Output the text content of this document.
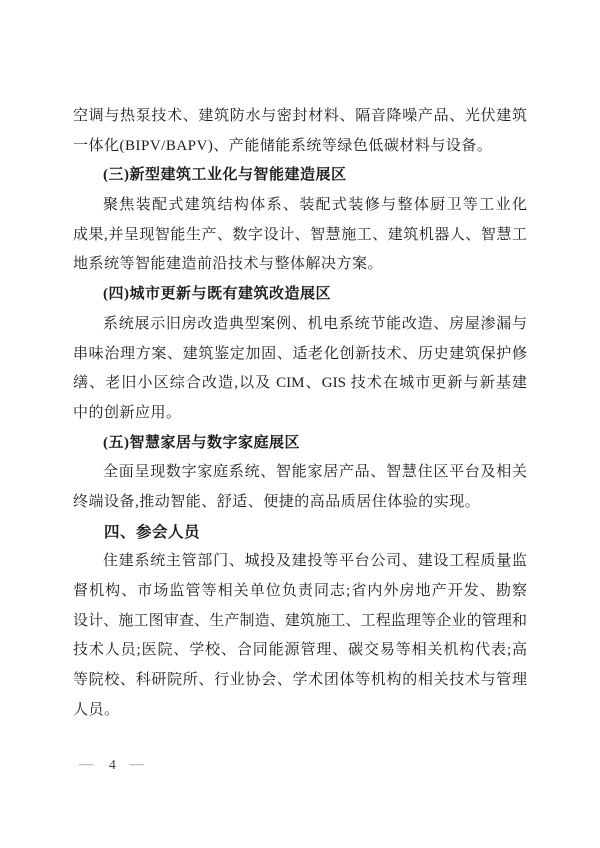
空调与热泵技术、建筑防水与密封材料、隔音降噪产品、光伏建筑
一体化(BIPV/BAPV)、产能储能系统等绿色低碳材料与设备。
(三)新型建筑工业化与智能建造展区
聚焦装配式建筑结构体系、装配式装修与整体厨卫等工业化
成果,并呈现智能生产、数字设计、智慧施工、建筑机器人、智慧工
地系统等智能建造前沿技术与整体解决方案。
(四)城市更新与既有建筑改造展区
系统展示旧房改造典型案例、机电系统节能改造、房屋渗漏与
串味治理方案、建筑鉴定加固、适老化创新技术、历史建筑保护修
缮、老旧小区综合改造,以及 CIM、GIS 技术在城市更新与新基建
中的创新应用。
(五)智慧家居与数字家庭展区
全面呈现数字家庭系统、智能家居产品、智慧住区平台及相关
终端设备,推动智能、舒适、便捷的高品质居住体验的实现。
四、参会人员
住建系统主管部门、城投及建投等平台公司、建设工程质量监
督机构、市场监管等相关单位负责同志;省内外房地产开发、勘察
设计、施工图审查、生产制造、建筑施工、工程监理等企业的管理和
技术人员;医院、学校、合同能源管理、碳交易等相关机构代表;高
等院校、科研院所、行业协会、学术团体等机构的相关技术与管理
人员。
— 4 —
